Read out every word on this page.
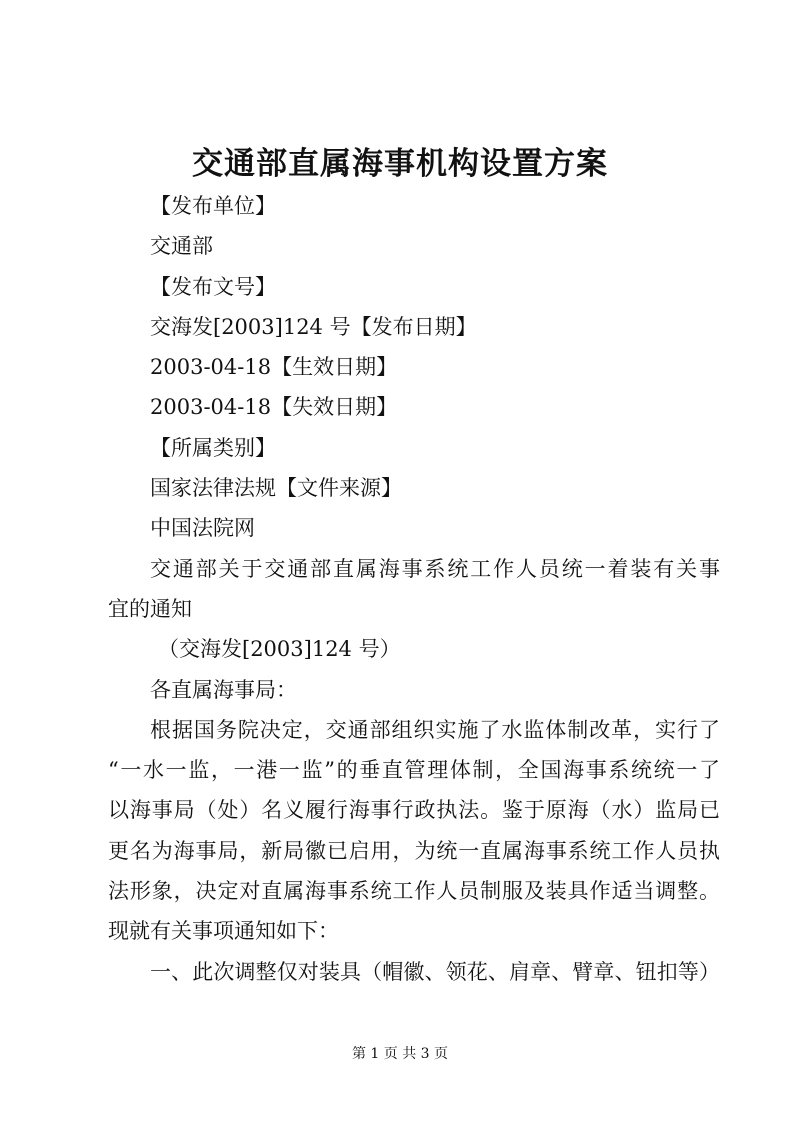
交通部直属海事机构设置方案
【发布单位】
交通部
【发布文号】
交海发[2003]124 号【发布日期】
2003-04-18【生效日期】
2003-04-18【失效日期】
【所属类别】
国家法律法规【文件来源】
中国法院网
交通部关于交通部直属海事系统工作人员统一着装有关事
宜的通知
（交海发[2003]124 号）
各直属海事局：
根据国务院决定，交通部组织实施了水监体制改革，实行了
“一水一监，一港一监”的垂直管理体制，全国海事系统统一了
以海事局（处）名义履行海事行政执法。鉴于原海（水）监局已
更名为海事局，新局徽已启用，为统一直属海事系统工作人员执
法形象，决定对直属海事系统工作人员制服及装具作适当调整。
现就有关事项通知如下：
一、此次调整仅对装具（帽徽、领花、肩章、臂章、钮扣等）
第 1 页 共 3 页
